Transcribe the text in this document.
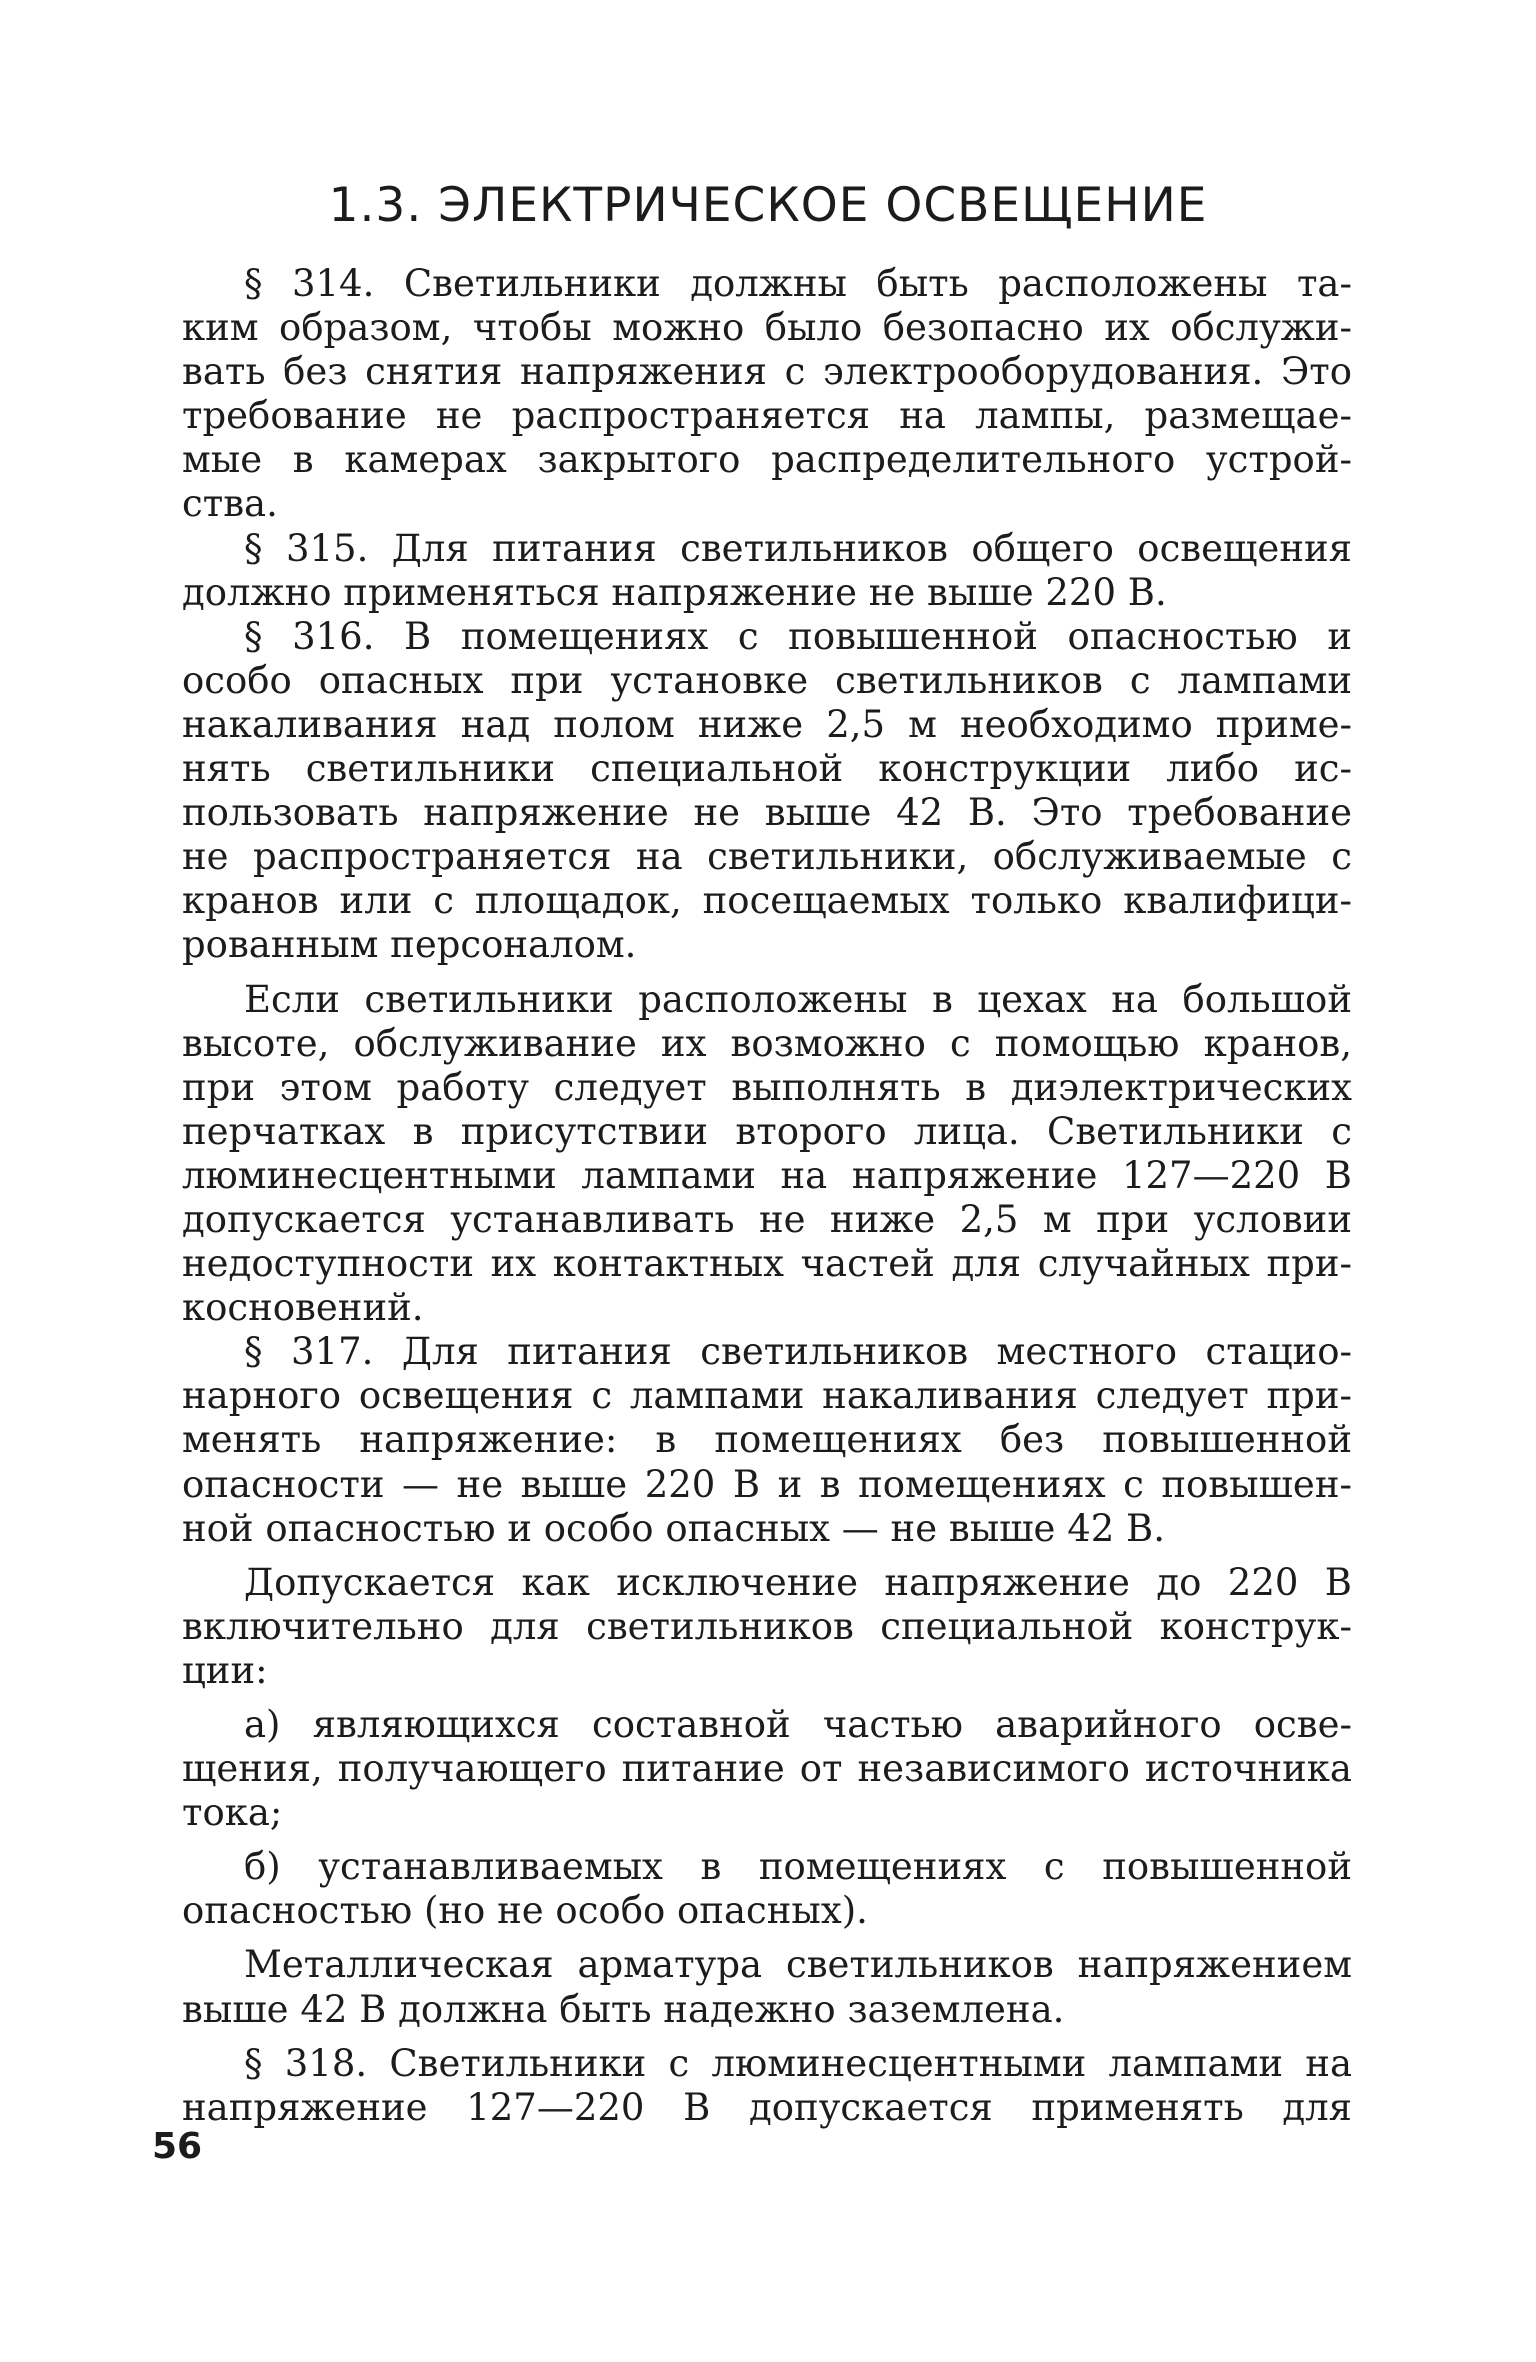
1.3. ЭЛЕКТРИЧЕСКОЕ ОСВЕЩЕНИЕ
§ 314. Светильники должны быть расположены та-
ким образом, чтобы можно было безопасно их обслужи-
вать без снятия напряжения с электрооборудования. Это
требование не распространяется на лампы, размещае-
мые в камерах закрытого распределительного устрой-
ства.
§ 315. Для питания светильников общего освещения
должно применяться напряжение не выше 220 В.
§ 316. В помещениях с повышенной опасностью и
особо опасных при установке светильников с лампами
накаливания над полом ниже 2,5 м необходимо приме-
нять светильники специальной конструкции либо ис-
пользовать напряжение не выше 42 В. Это требование
не распространяется на светильники, обслуживаемые с
кранов или с площадок, посещаемых только квалифици-
рованным персоналом.
Если светильники расположены в цехах на большой
высоте, обслуживание их возможно с помощью кранов,
при этом работу следует выполнять в диэлектрических
перчатках в присутствии второго лица. Светильники с
люминесцентными лампами на напряжение 127—220 В
допускается устанавливать не ниже 2,5 м при условии
недоступности их контактных частей для случайных при-
косновений.
§ 317. Для питания светильников местного стацио-
нарного освещения с лампами накаливания следует при-
менять напряжение: в помещениях без повышенной
опасности — не выше 220 В и в помещениях с повышен-
ной опасностью и особо опасных — не выше 42 В.
Допускается как исключение напряжение до 220 В
включительно для светильников специальной конструк-
ции:
а) являющихся составной частью аварийного осве-
щения, получающего питание от независимого источника
тока;
б) устанавливаемых в помещениях с повышенной
опасностью (но не особо опасных).
Металлическая арматура светильников напряжением
выше 42 В должна быть надежно заземлена.
§ 318. Светильники с люминесцентными лампами на
напряжение 127—220 В допускается применять для
56
